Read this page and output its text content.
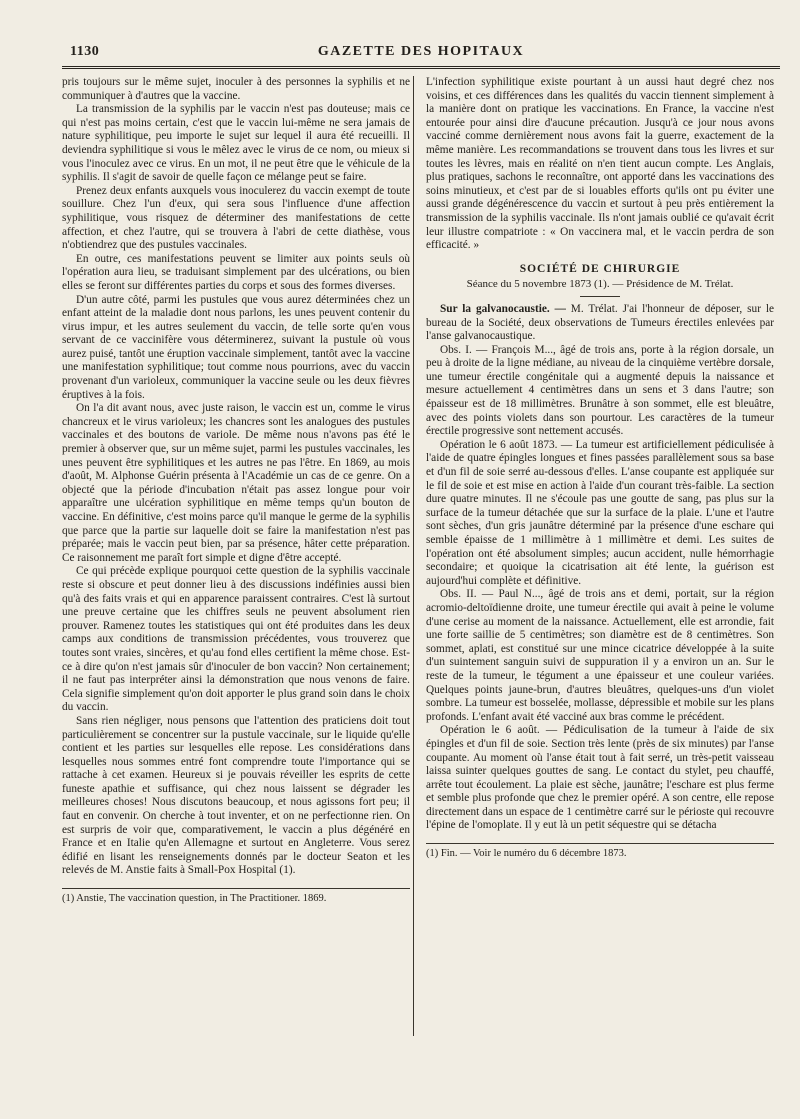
1130	GAZETTE DES HOPITAUX

pris toujours sur le même sujet, inoculer à des personnes la syphilis et ne communiquer à d'autres que la vaccine.

La transmission de la syphilis par le vaccin n'est pas douteuse; mais ce qui n'est pas moins certain, c'est que le vaccin lui-même ne sera jamais de nature syphilitique, peu importe le sujet sur lequel il aura été recueilli. Il deviendra syphilitique si vous le mêlez avec le virus de ce nom, ou mieux si vous l'inoculez avec ce virus. En un mot, il ne peut être que le véhicule de la syphilis. Il s'agit de savoir de quelle façon ce mélange peut se faire.

Prenez deux enfants auxquels vous inoculerez du vaccin exempt de toute souillure. Chez l'un d'eux, qui sera sous l'influence d'une affection syphilitique, vous risquez de déterminer des manifestations de cette affection, et chez l'autre, qui se trouvera à l'abri de cette diathèse, vous n'obtiendrez que des pustules vaccinales.

En outre, ces manifestations peuvent se limiter aux points seuls où l'opération aura lieu, se traduisant simplement par des ulcérations, ou bien elles se feront sur différentes parties du corps et sous des formes diverses.

D'un autre côté, parmi les pustules que vous aurez déterminées chez un enfant atteint de la maladie dont nous parlons, les unes peuvent contenir du virus impur, et les autres seulement du vaccin, de telle sorte qu'en vous servant de ce vaccinifère vous déterminerez, suivant la pustule où vous aurez puisé, tantôt une éruption vaccinale simplement, tantôt avec la vaccine une manifestation syphilitique; tout comme nous pourrions, avec du vaccin provenant d'un varioleux, communiquer la vaccine seule ou les deux fièvres éruptives à la fois.

On l'a dit avant nous, avec juste raison, le vaccin est un, comme le virus chancreux et le virus varioleux; les chancres sont les analogues des pustules vaccinales et des boutons de variole. De même nous n'avons pas été le premier à observer que, sur un même sujet, parmi les pustules vaccinales, les unes peuvent être syphilitiques et les autres ne pas l'être. En 1869, au mois d'août, M. Alphonse Guérin présenta à l'Académie un cas de ce genre. On a objecté que la période d'incubation n'était pas assez longue pour voir apparaître une ulcération syphilitique en même temps qu'un bouton de vaccine. En définitive, c'est moins parce qu'il manque le germe de la syphilis que parce que la partie sur laquelle doit se faire la manifestation n'est pas préparée; mais le vaccin peut bien, par sa présence, hâter cette préparation. Ce raisonnement me paraît fort simple et digne d'être accepté.

Ce qui précède explique pourquoi cette question de la syphilis vaccinale reste si obscure et peut donner lieu à des discussions indéfinies aussi bien qu'à des faits vrais et qui en apparence paraissent contraires. C'est là surtout une preuve certaine que les chiffres seuls ne peuvent absolument rien prouver. Ramenez toutes les statistiques qui ont été produites dans les deux camps aux conditions de transmission précédentes, vous trouverez que toutes sont vraies, sincères, et qu'au fond elles certifient la même chose. Est-ce à dire qu'on n'est jamais sûr d'inoculer de bon vaccin? Non certainement; il ne faut pas interpréter ainsi la démonstration que nous venons de faire. Cela signifie simplement qu'on doit apporter le plus grand soin dans le choix du vaccin.

Sans rien négliger, nous pensons que l'attention des praticiens doit tout particulièrement se concentrer sur la pustule vaccinale, sur le liquide qu'elle contient et les parties sur lesquelles elle repose. Les considérations dans lesquelles nous sommes entré font comprendre toute l'importance qui se rattache à cet examen. Heureux si je pouvais réveiller les esprits de cette funeste apathie et suffisance, qui chez nous laissent se dégrader les meilleures choses! Nous discutons beaucoup, et nous agissons fort peu; il faut en convenir. On cherche à tout inventer, et on ne perfectionne rien. On est surpris de voir que, comparativement, le vaccin a plus dégénéré en France et en Italie qu'en Allemagne et surtout en Angleterre. Vous serez édifié en lisant les renseignements donnés par le docteur Seaton et les relevés de M. Anstie faits à Small-Pox Hospital (1).

(1) Anstie, The vaccination question, in The Practitioner. 1869.

L'infection syphilitique existe pourtant à un aussi haut degré chez nos voisins, et ces différences dans les qualités du vaccin tiennent simplement à la manière dont on pratique les vaccinations. En France, la vaccine n'est entourée pour ainsi dire d'aucune précaution. Jusqu'à ce jour nous avons vacciné comme dernièrement nous avons fait la guerre, exactement de la même manière. Les recommandations se trouvent dans tous les livres et sur toutes les lèvres, mais en réalité on n'en tient aucun compte. Les Anglais, plus pratiques, sachons le reconnaître, ont apporté dans les vaccinations des soins minutieux, et c'est par de si louables efforts qu'ils ont pu éviter une aussi grande dégénérescence du vaccin et surtout à peu près entièrement la transmission de la syphilis vaccinale. Ils n'ont jamais oublié ce qu'avait écrit leur illustre compatriote : « On vaccinera mal, et le vaccin perdra de son efficacité. »

SOCIÉTÉ DE CHIRURGIE
Séance du 5 novembre 1873 (1). — Présidence de M. Trélat.

Sur la galvanocaustie. — M. Trélat. J'ai l'honneur de déposer, sur le bureau de la Société, deux observations de Tumeurs érectiles enlevées par l'anse galvanocaustique.

Obs. I. — François M..., âgé de trois ans, porte à la région dorsale, un peu à droite de la ligne médiane, au niveau de la cinquième vertèbre dorsale, une tumeur érectile congénitale qui a augmenté depuis la naissance et mesure actuellement 4 centimètres dans un sens et 3 dans l'autre; son épaisseur est de 18 millimètres. Brunâtre à son sommet, elle est bleuâtre, avec des points violets dans son pourtour. Les caractères de la tumeur érectile progressive sont nettement accusés.

Opération le 6 août 1873. — La tumeur est artificiellement pédiculisée à l'aide de quatre épingles longues et fines passées parallèlement sous sa base et d'un fil de soie serré au-dessous d'elles. L'anse coupante est appliquée sur le fil de soie et est mise en action à l'aide d'un courant très-faible. La section dure quatre minutes. Il ne s'écoule pas une goutte de sang, pas plus sur la surface de la tumeur détachée que sur la surface de la plaie. L'une et l'autre sont sèches, d'un gris jaunâtre déterminé par la présence d'une eschare qui semble épaisse de 1 millimètre à 1 millimètre et demi. Les suites de l'opération ont été absolument simples; aucun accident, nulle hémorrhagie secondaire; et quoique la cicatrisation ait été lente, la guérison est aujourd'hui complète et définitive.

Obs. II. — Paul N..., âgé de trois ans et demi, portait, sur la région acromio-deltoïdienne droite, une tumeur érectile qui avait à peine le volume d'une cerise au moment de la naissance. Actuellement, elle est arrondie, fait une forte saillie de 5 centimètres; son diamètre est de 8 centimètres. Son sommet, aplati, est constitué sur une mince cicatrice développée à la suite d'un suintement sanguin suivi de suppuration il y a environ un an. Sur le reste de la tumeur, le tégument a une épaisseur et une couleur variées. Quelques points jaune-brun, d'autres bleuâtres, quelques-uns d'un violet sombre. La tumeur est bosselée, mollasse, dépressible et mobile sur les plans profonds. L'enfant avait été vacciné aux bras comme le précédent.

Opération le 6 août. — Pédiculisation de la tumeur à l'aide de six épingles et d'un fil de soie. Section très lente (près de six minutes) par l'anse coupante. Au moment où l'anse était tout à fait serré, un très-petit vaisseau laissa suinter quelques gouttes de sang. Le contact du stylet, peu chauffé, arrête tout écoulement. La plaie est sèche, jaunâtre; l'eschare est plus ferme et semble plus profonde que chez le premier opéré. A son centre, elle repose directement dans un espace de 1 centimètre carré sur le périoste qui recouvre l'épine de l'omoplate. Il y eut là un petit séquestre qui se détacha

(1) Fin. — Voir le numéro du 6 décembre 1873.
